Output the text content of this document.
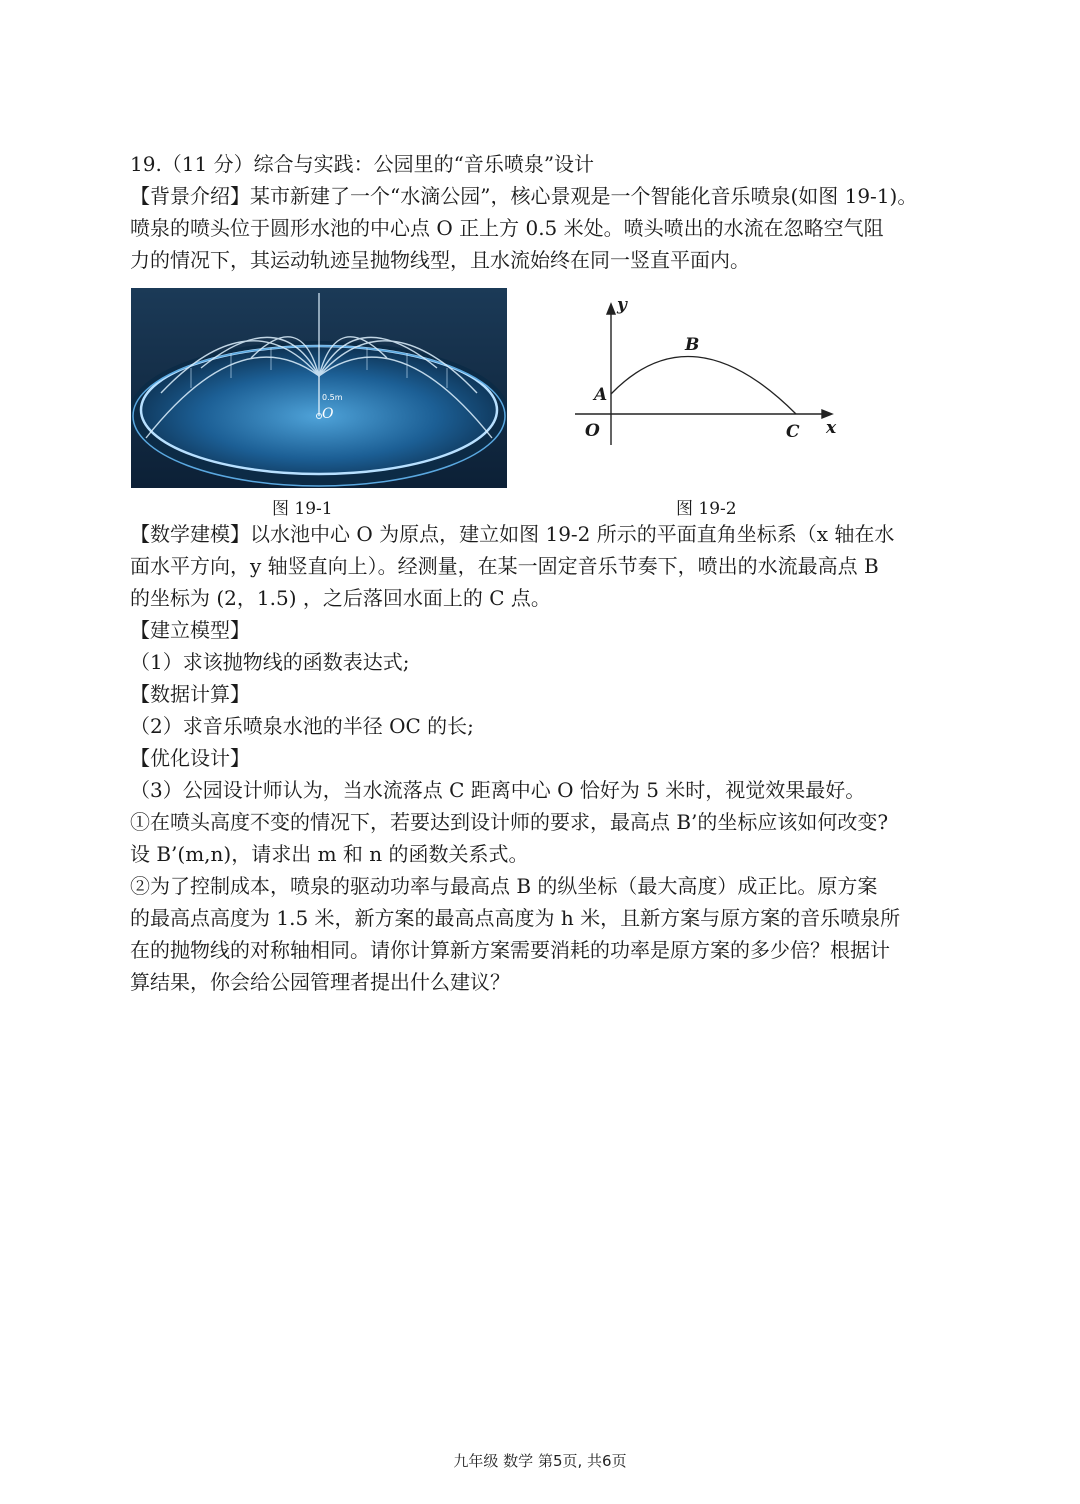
19.（11 分）综合与实践：公园里的“音乐喷泉”设计
【背景介绍】某市新建了一个“水滴公园”，核心景观是一个智能化音乐喷泉(如图 19-1)。
喷泉的喷头位于圆形水池的中心点 O 正上方 0.5 米处。喷头喷出的水流在忽略空气阻
力的情况下，其运动轨迹呈抛物线型，且水流始终在同一竖直平面内。
0.5m
O
y
x
A
B
O	C
图 19-1	图 19-2
【数学建模】以水池中心 O 为原点，建立如图 19-2 所示的平面直角坐标系（x 轴在水
面水平方向，y 轴竖直向上）。经测量，在某一固定音乐节奏下，喷出的水流最高点 B
的坐标为 (2，1.5) ，之后落回水面上的 C 点。
【建立模型】
（1）求该抛物线的函数表达式;
【数据计算】
（2）求音乐喷泉水池的半径 OC 的长;
【优化设计】
（3）公园设计师认为，当水流落点 C 距离中心 O 恰好为 5 米时，视觉效果最好。
①在喷头高度不变的情况下，若要达到设计师的要求，最高点 B’的坐标应该如何改变?
设 B’(m,n)，请求出 m 和 n 的函数关系式。
②为了控制成本，喷泉的驱动功率与最高点 B 的纵坐标（最大高度）成正比。原方案
的最高点高度为 1.5 米，新方案的最高点高度为 h 米，且新方案与原方案的音乐喷泉所
在的抛物线的对称轴相同。请你计算新方案需要消耗的功率是原方案的多少倍？根据计
算结果，你会给公园管理者提出什么建议？
九年级 数学 第5页, 共6页
